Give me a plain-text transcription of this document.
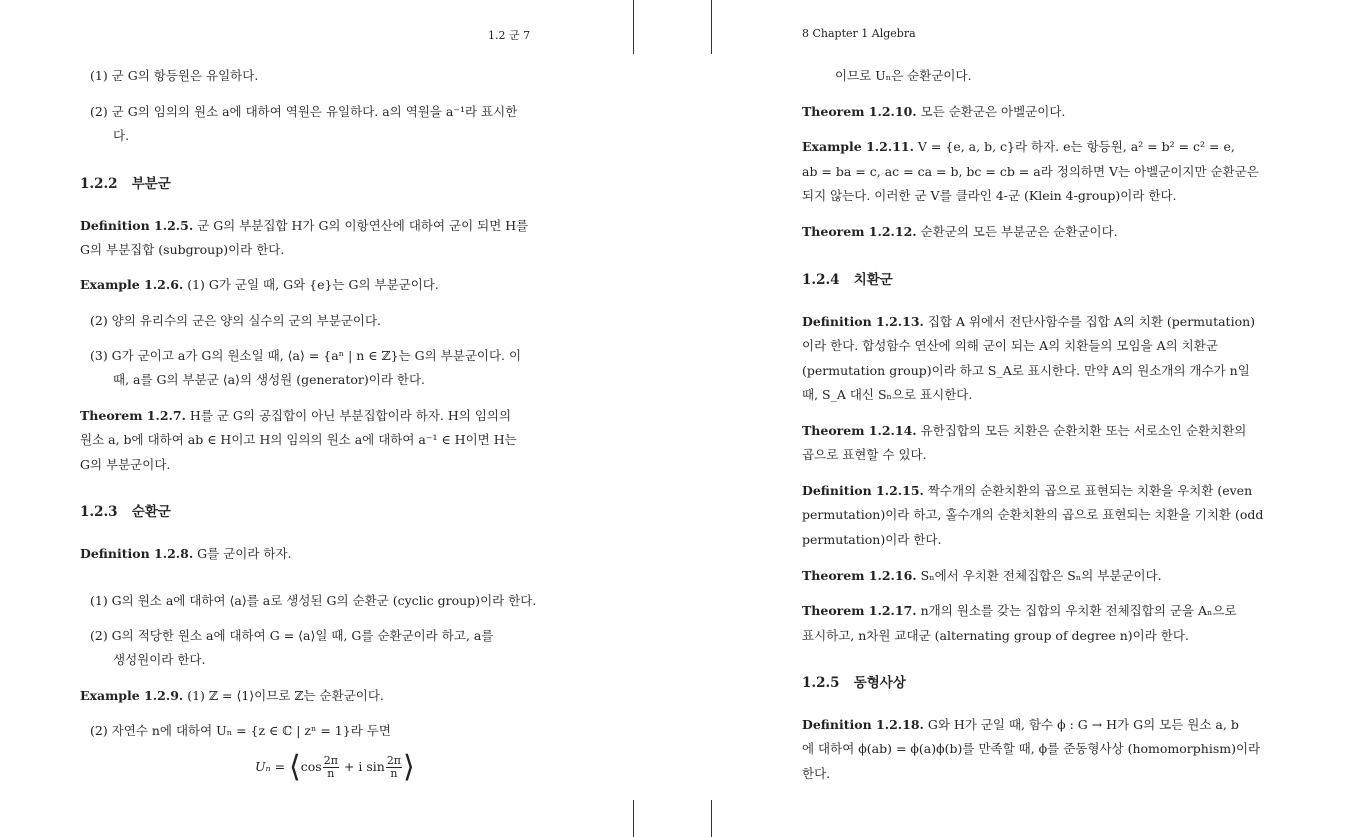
1.2 군 7
(1) 군 G의 항등원은 유일하다.
(2) 군 G의 임의의 원소 a에 대하여 역원은 유일하다. a의 역원을 a⁻¹라 표시한
다.
1.2.2 부분군
Definition 1.2.5. 군 G의 부분집합 H가 G의 이항연산에 대하여 군이 되면 H를
G의 부분집합 (subgroup)이라 한다.
Example 1.2.6. (1) G가 군일 때, G와 {e}는 G의 부분군이다.
(2) 양의 유리수의 군은 양의 실수의 군의 부분군이다.
(3) G가 군이고 a가 G의 원소일 때, ⟨a⟩ = {aⁿ | n ∈ ℤ}는 G의 부분군이다. 이
때, a를 G의 부분군 ⟨a⟩의 생성원 (generator)이라 한다.
Theorem 1.2.7. H를 군 G의 공집합이 아닌 부분집합이라 하자. H의 임의의
원소 a, b에 대하여 ab ∈ H이고 H의 임의의 원소 a에 대하여 a⁻¹ ∈ H이면 H는
G의 부분군이다.
1.2.3 순환군
Definition 1.2.8. G를 군이라 하자.
(1) G의 원소 a에 대하여 ⟨a⟩를 a로 생성된 G의 순환군 (cyclic group)이라 한다.
(2) G의 적당한 원소 a에 대하여 G = ⟨a⟩일 때, G를 순환군이라 하고, a를
생성원이라 한다.
Example 1.2.9. (1) ℤ = ⟨1⟩이므로 ℤ는 순환군이다.
(2) 자연수 n에 대하여 Uₙ = {z ∈ ℂ | zⁿ = 1}라 두면
Uₙ = ⟨cos $\frac{2\pi}{n} + i$ $\sin \frac{2\pi}{n}$ ⟩
8 Chapter 1 Algebra
이므로 Uₙ은 순환군이다.
Theorem 1.2.10. 모든 순환군은 아벨군이다.
Example 1.2.11. V = {e, a, b, c}라 하자. e는 항등원, a² = b² = c² = e,
ab = ba = c, ac = ca = b, bc = cb = a라 정의하면 V는 아벨군이지만 순환군은
되지 않는다. 이러한 군 V를 클라인 4-군 (Klein 4-group)이라 한다.
Theorem 1.2.12. 순환군의 모든 부분군은 순환군이다.
1.2.4 치환군
Definition 1.2.13. 집합 A 위에서 전단사함수를 집합 A의 치환 (permutation)
이라 한다. 합성함수 연산에 의해 군이 되는 A의 치환들의 모임을 A의 치환군
(permutation group)이라 하고 S_A로 표시한다. 만약 A의 원소개의 개수가 n일
때, S_A 대신 Sₙ으로 표시한다.
Theorem 1.2.14. 유한집합의 모든 치환은 순환치환 또는 서로소인 순환치환의
곱으로 표현할 수 있다.
Definition 1.2.15. 짝수개의 순환치환의 곱으로 표현되는 치환을 우치환 (even
permutation)이라 하고, 홀수개의 순환치환의 곱으로 표현되는 치환을 기치환 (odd
permutation)이라 한다.
Theorem 1.2.16. Sₙ에서 우치환 전체집합은 Sₙ의 부분군이다.
Theorem 1.2.17. n개의 원소를 갖는 집합의 우치환 전체집합의 군을 Aₙ으로
표시하고, n차원 교대군 (alternating group of degree n)이라 한다.
1.2.5 동형사상
Definition 1.2.18. G와 H가 군일 때, 함수 ϕ : G → H가 G의 모든 원소 a, b
에 대하여 ϕ(ab) = ϕ(a)ϕ(b)를 만족할 때, ϕ를 준동형사상 (homomorphism)이라
한다.
